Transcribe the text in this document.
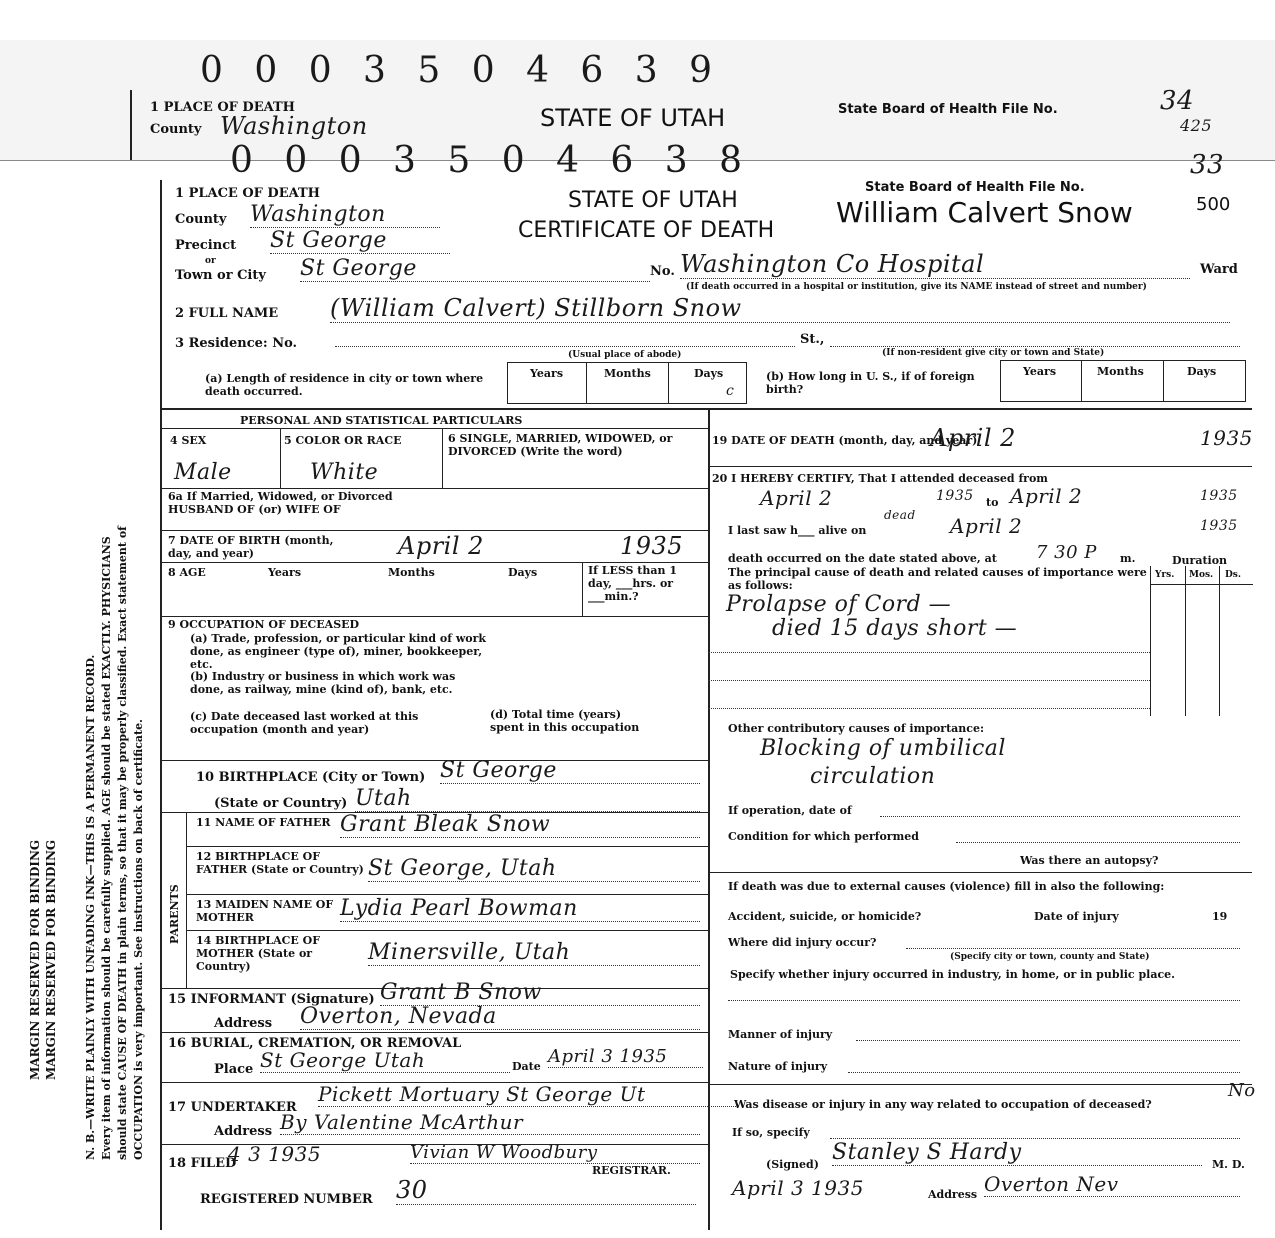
0 0 0 3 5 0 4 6 3 9
1 PLACE OF DEATH
County Washington	STATE OF UTAH	State Board of Health File No.	34
425
MARGIN RESERVED FOR BINDING MARGIN RESERVED FOR BINDING N. B.—WRITE PLAINLY WITH UNFADING INK—THIS IS A PERMANENT RECORD. Every item of information should be carefully supplied. AGE should be stated EXACTLY. PHYSICIANS should state CAUSE OF DEATH in plain terms, so that it may be properly classified. Exact statement of OCCUPATION is very important. See instructions on back of certificate.
0 0 0 3 5 0 4 6 3 8	33
1 PLACE OF DEATH
County Washington
Precinct St George
or
Town or City St George
STATE OF UTAH
CERTIFICATE OF DEATH
State Board of Health File No.
William Calvert Snow	500
No. Washington Co Hospital	Ward
(If death occurred in a hospital or institution, give its NAME instead of street and number)
2 FULL NAME (William Calvert) Stillborn Snow
3 Residence: No.	St.,
(Usual place of abode)	(If non-resident give city or town and State)
(a) Length of residence in city or town where death occurred.
Years	Months	Days
c
(b) How long in U. S., if of foreign birth?
Years	Months	Days
PERSONAL AND STATISTICAL PARTICULARS
4 SEX
Male
5 COLOR OR RACE
White
6 SINGLE, MARRIED, WIDOWED, or DIVORCED (Write the word)
6a If Married, Widowed, or Divorced HUSBAND OF (or) WIFE OF
7 DATE OF BIRTH (month, day, and year)	April 2	1935
8 AGE	Years	Months	Days	If LESS than 1 day, ___hrs. or ___min.?
9 OCCUPATION OF DECEASED
(a) Trade, profession, or particular kind of work done, as engineer (type of), miner, bookkeeper, etc.
(b) Industry or business in which work was done, as railway, mine (kind of), bank, etc.
(c) Date deceased last worked at this occupation (month and year)
(d) Total time (years) spent in this occupation
10 BIRTHPLACE (City or Town) St George
(State or Country) Utah
PARENTS
11 NAME OF FATHER Grant Bleak Snow
12 BIRTHPLACE OF FATHER (State or Country) St George, Utah
13 MAIDEN NAME OF MOTHER	Lydia Pearl Bowman
14 BIRTHPLACE OF MOTHER (State or Country)
Minersville, Utah
15 INFORMANT (Signature) Grant B Snow
Address Overton, Nevada
16 BURIAL, CREMATION, OR REMOVAL
Place St George Utah	Date April 3 1935
17 UNDERTAKER
Pickett Mortuary St George Ut
Address By Valentine McArthur
18 FILED
4 3 1935	Vivian W Woodbury
REGISTRAR.
REGISTERED NUMBER 30
19 DATE OF DEATH (month, day, and year)
April 2	1935
20 I HEREBY CERTIFY, That I attended deceased from
April 2	1935 to April 2	1935
I last saw h___ alive on
dead April 2	1935
death occurred on the date stated above, at 7 30 P m.	Duration
The principal cause of death and related causes of importance were as follows:
Yrs. Mos. Ds.
Prolapse of Cord —
died 15 days short —
Other contributory causes of importance:
Blocking of umbilical
circulation
If operation, date of
Condition for which performed
Was there an autopsy?
If death was due to external causes (violence) fill in also the following:
Accident, suicide, or homicide?	Date of injury	19
Where did injury occur?
(Specify city or town, county and State)
Specify whether injury occurred in industry, in home, or in public place.
Manner of injury
Nature of injury
Was disease or injury in any way related to occupation of deceased?
No
If so, specify
(Signed) Stanley S Hardy	M. D.
April 3 1935	Address Overton Nev
